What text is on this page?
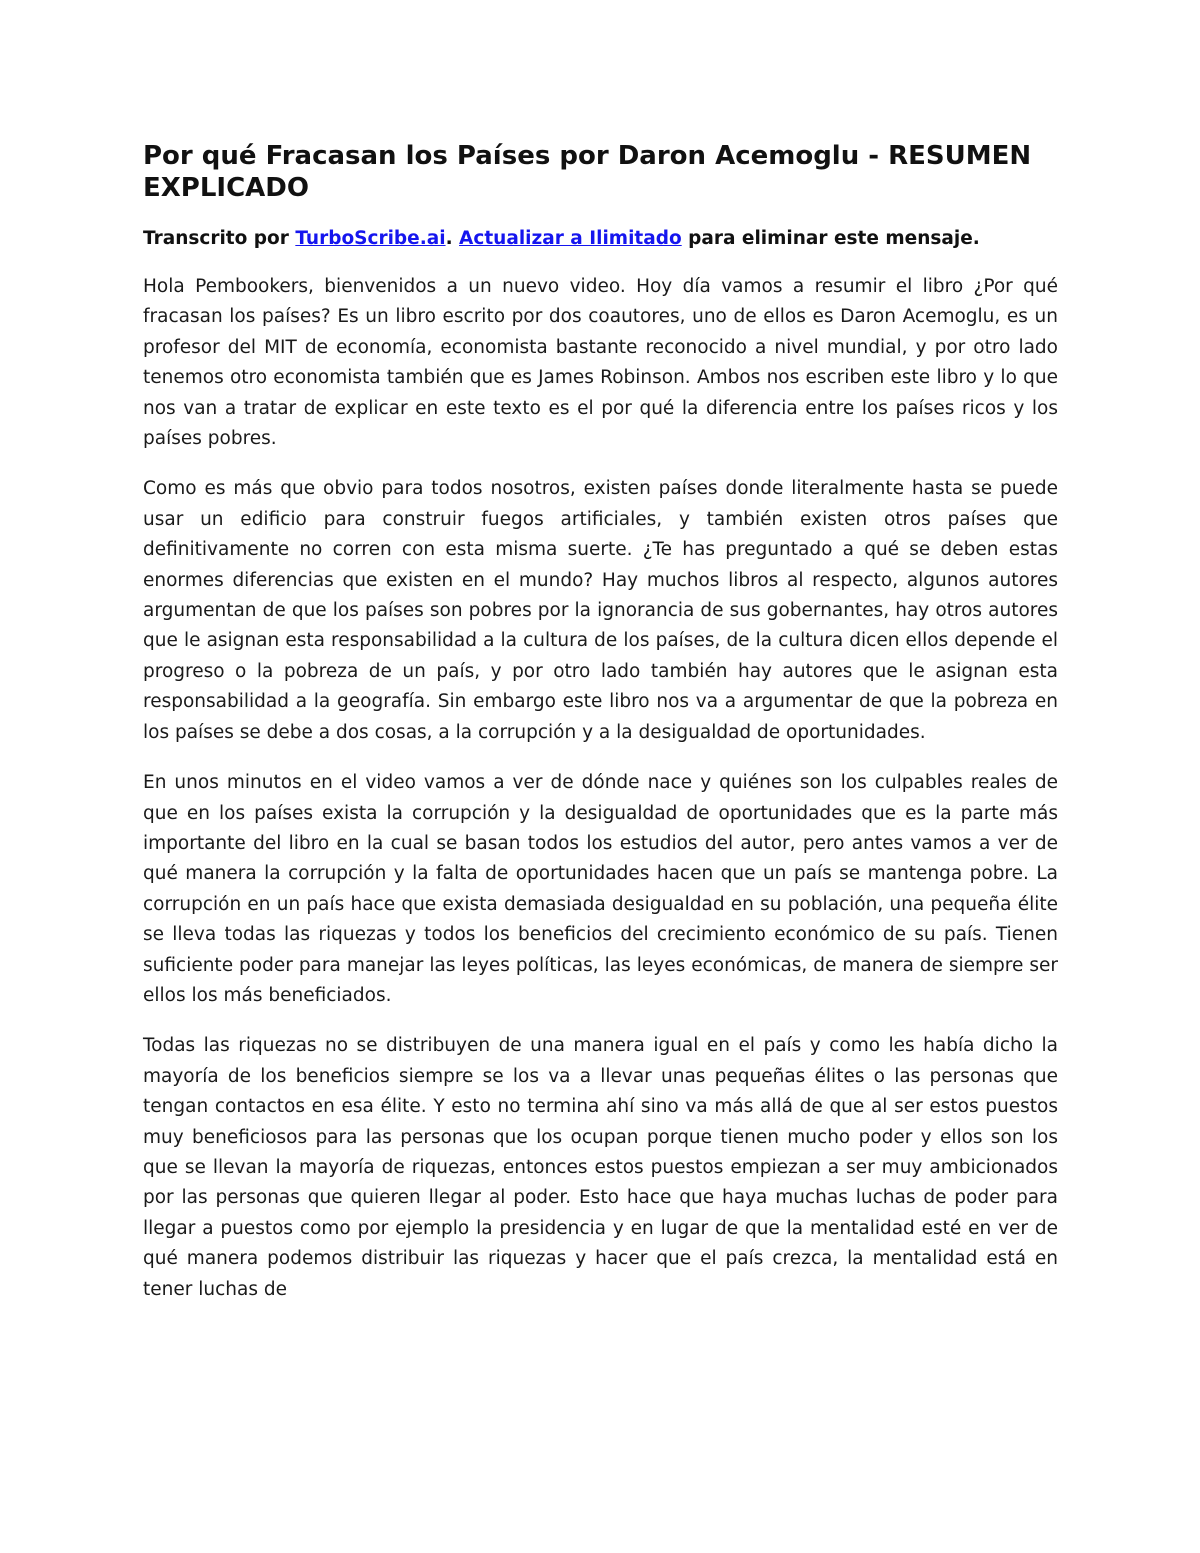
Por qué Fracasan los Países por Daron Acemoglu - RESUMEN EXPLICADO

Transcrito por TurboScribe.ai. Actualizar a Ilimitado para eliminar este mensaje.

Hola Pembookers, bienvenidos a un nuevo video. Hoy día vamos a resumir el libro ¿Por qué fracasan los países? Es un libro escrito por dos coautores, uno de ellos es Daron Acemoglu, es un profesor del MIT de economía, economista bastante reconocido a nivel mundial, y por otro lado tenemos otro economista también que es James Robinson. Ambos nos escriben este libro y lo que nos van a tratar de explicar en este texto es el por qué la diferencia entre los países ricos y los países pobres.

Como es más que obvio para todos nosotros, existen países donde literalmente hasta se puede usar un edificio para construir fuegos artificiales, y también existen otros países que definitivamente no corren con esta misma suerte. ¿Te has preguntado a qué se deben estas enormes diferencias que existen en el mundo? Hay muchos libros al respecto, algunos autores argumentan de que los países son pobres por la ignorancia de sus gobernantes, hay otros autores que le asignan esta responsabilidad a la cultura de los países, de la cultura dicen ellos depende el progreso o la pobreza de un país, y por otro lado también hay autores que le asignan esta responsabilidad a la geografía. Sin embargo este libro nos va a argumentar de que la pobreza en los países se debe a dos cosas, a la corrupción y a la desigualdad de oportunidades.

En unos minutos en el video vamos a ver de dónde nace y quiénes son los culpables reales de que en los países exista la corrupción y la desigualdad de oportunidades que es la parte más importante del libro en la cual se basan todos los estudios del autor, pero antes vamos a ver de qué manera la corrupción y la falta de oportunidades hacen que un país se mantenga pobre. La corrupción en un país hace que exista demasiada desigualdad en su población, una pequeña élite se lleva todas las riquezas y todos los beneficios del crecimiento económico de su país. Tienen suficiente poder para manejar las leyes políticas, las leyes económicas, de manera de siempre ser ellos los más beneficiados.

Todas las riquezas no se distribuyen de una manera igual en el país y como les había dicho la mayoría de los beneficios siempre se los va a llevar unas pequeñas élites o las personas que tengan contactos en esa élite. Y esto no termina ahí sino va más allá de que al ser estos puestos muy beneficiosos para las personas que los ocupan porque tienen mucho poder y ellos son los que se llevan la mayoría de riquezas, entonces estos puestos empiezan a ser muy ambicionados por las personas que quieren llegar al poder. Esto hace que haya muchas luchas de poder para llegar a puestos como por ejemplo la presidencia y en lugar de que la mentalidad esté en ver de qué manera podemos distribuir las riquezas y hacer que el país crezca, la mentalidad está en tener luchas de
